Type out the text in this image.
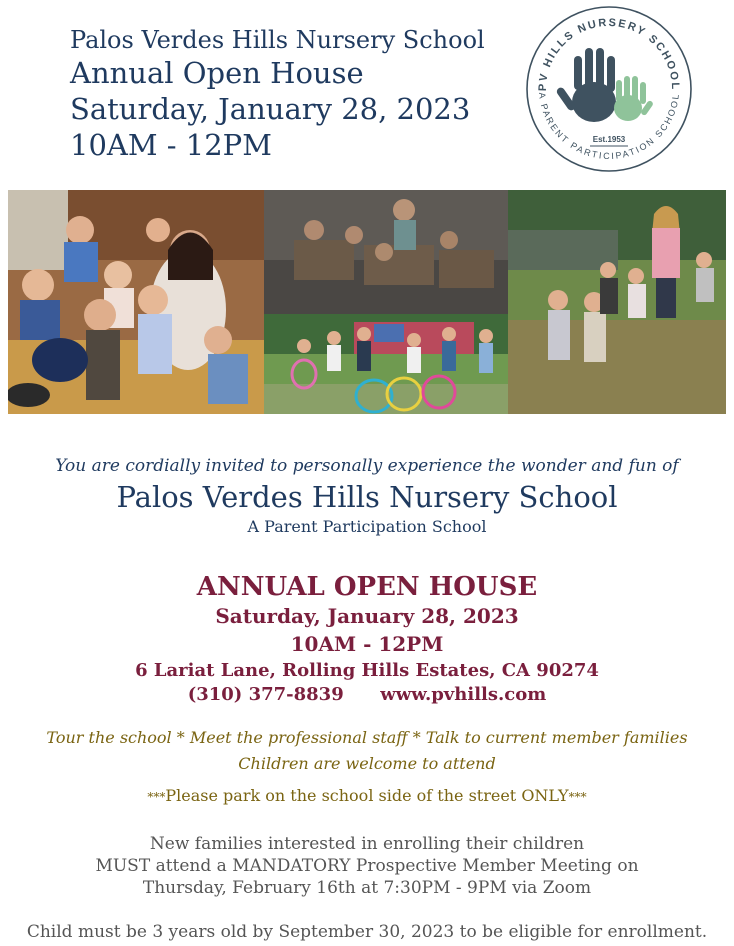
Palos Verdes Hills Nursery School
Annual Open House
Saturday, January 28, 2023
10AM - 12PM
PV HILLS NURSERY SCHOOL
A PARENT PARTICIPATION SCHOOL
Est.1953
You are cordially invited to personally experience the wonder and fun of
Palos Verdes Hills Nursery School
A Parent Participation School
ANNUAL OPEN HOUSE
Saturday, January 28, 2023
10AM - 12PM
6 Lariat Lane, Rolling Hills Estates, CA 90274
(310) 377-8839 www.pvhills.com
Tour the school * Meet the professional staff * Talk to current member families
Children are welcome to attend
***Please park on the school side of the street ONLY***
New families interested in enrolling their children
MUST attend a MANDATORY Prospective Member Meeting on
Thursday, February 16th at 7:30PM - 9PM via Zoom
Child must be 3 years old by September 30, 2023 to be eligible for enrollment.
